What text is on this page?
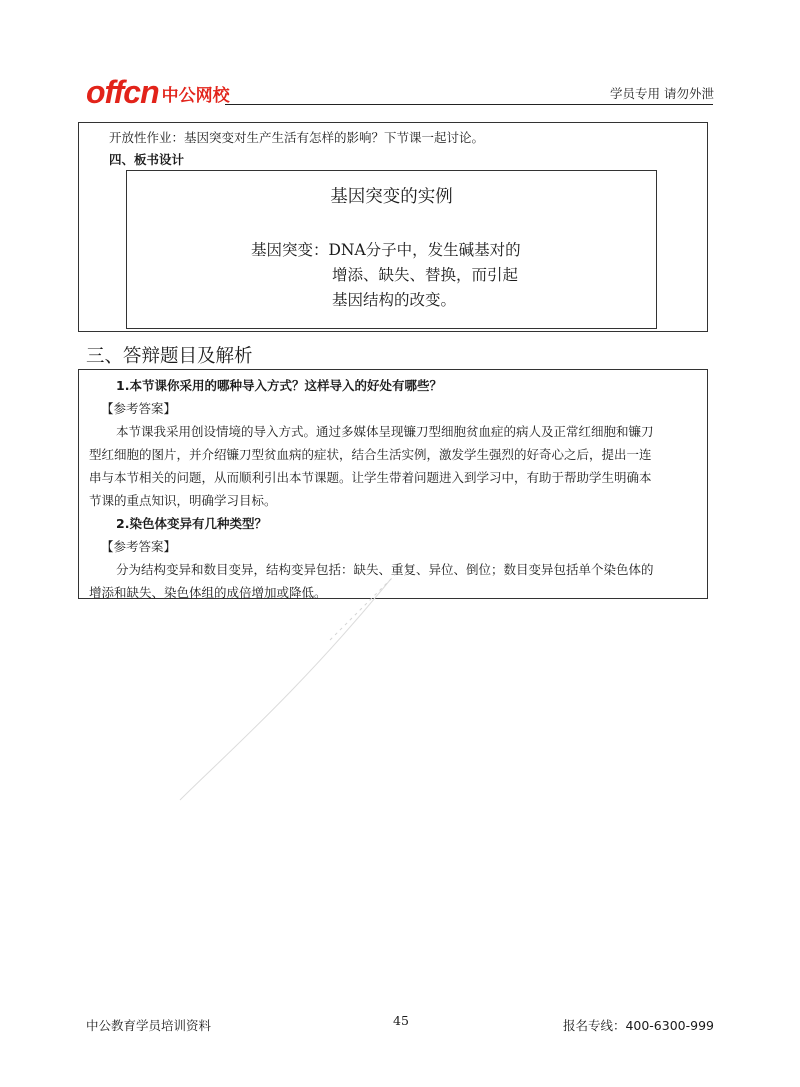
offcn 中公网校	学员专用 请勿外泄
开放性作业：基因突变对生产生活有怎样的影响？下节课一起讨论。
四、板书设计
基因突变的实例
基因突变：DNA分子中，发生碱基对的
增添、缺失、替换，而引起
基因结构的改变。
三、答辩题目及解析
1.本节课你采用的哪种导入方式？这样导入的好处有哪些？
【参考答案】
本节课我采用创设情境的导入方式。通过多媒体呈现镰刀型细胞贫血症的病人及正常红细胞和镰刀
型红细胞的图片，并介绍镰刀型贫血病的症状，结合生活实例，激发学生强烈的好奇心之后，提出一连
串与本节相关的问题，从而顺利引出本节课题。让学生带着问题进入到学习中，有助于帮助学生明确本
节课的重点知识，明确学习目标。
2.染色体变异有几种类型？
【参考答案】
分为结构变异和数目变异，结构变异包括：缺失、重复、异位、倒位；数目变异包括单个染色体的
增添和缺失、染色体组的成倍增加或降低。
中公教育学员培训资料	45	报名专线：400-6300-999
